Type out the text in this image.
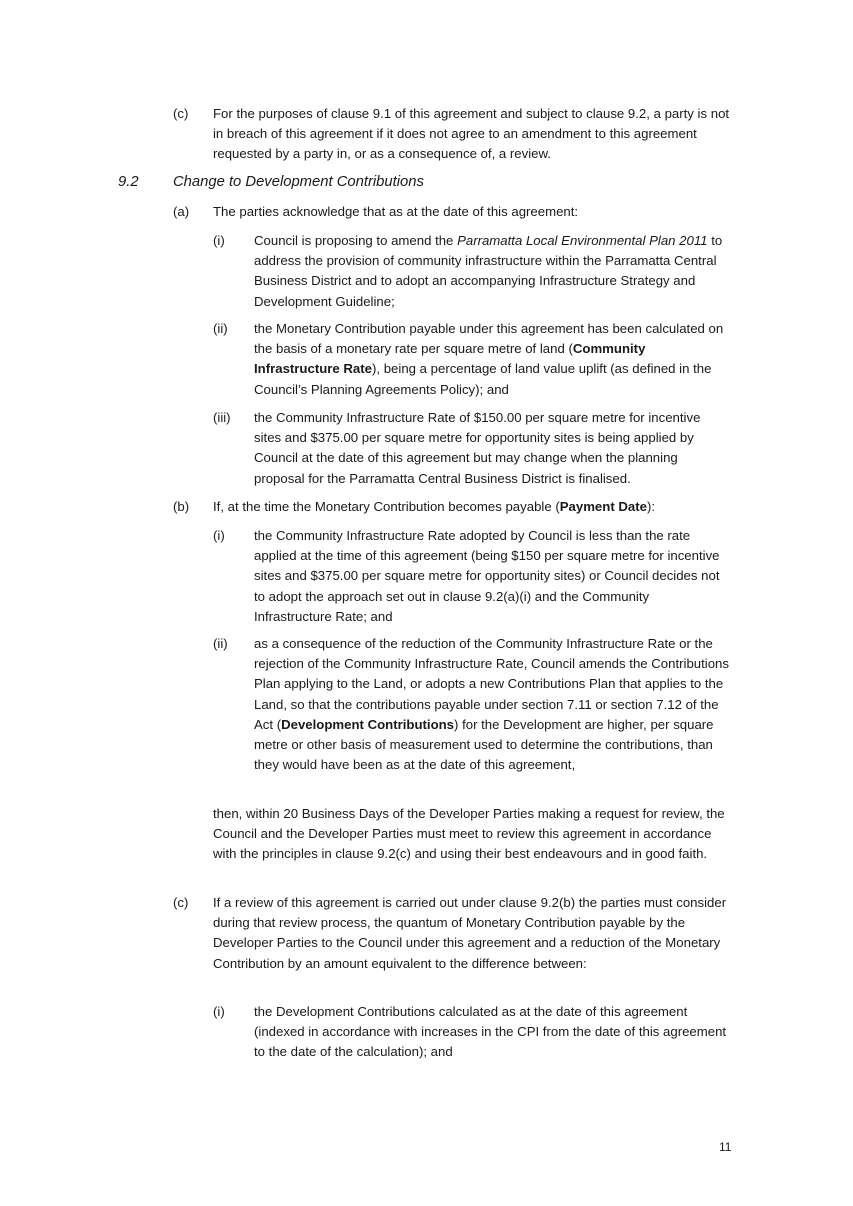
(c) For the purposes of clause 9.1 of this agreement and subject to clause 9.2, a party is not in breach of this agreement if it does not agree to an amendment to this agreement requested by a party in, or as a consequence of, a review.

9.2 Change to Development Contributions
(a) The parties acknowledge that as at the date of this agreement:

(i) Council is proposing to amend the Parramatta Local Environmental Plan 2011 to address the provision of community infrastructure within the Parramatta Central Business District and to adopt an accompanying Infrastructure Strategy and Development Guideline;

(ii) the Monetary Contribution payable under this agreement has been calculated on the basis of a monetary rate per square metre of land (Community Infrastructure Rate), being a percentage of land value uplift (as defined in the Council’s Planning Agreements Policy); and

(iii) the Community Infrastructure Rate of $150.00 per square metre for incentive sites and $375.00 per square metre for opportunity sites is being applied by Council at the date of this agreement but may change when the planning proposal for the Parramatta Central Business District is finalised.

(b) If, at the time the Monetary Contribution becomes payable (Payment Date):

(i) the Community Infrastructure Rate adopted by Council is less than the rate applied at the time of this agreement (being $150 per square metre for incentive sites and $375.00 per square metre for opportunity sites) or Council decides not to adopt the approach set out in clause 9.2(a)(i) and the Community Infrastructure Rate; and

(ii) as a consequence of the reduction of the Community Infrastructure Rate or the rejection of the Community Infrastructure Rate, Council amends the Contributions Plan applying to the Land, or adopts a new Contributions Plan that applies to the Land, so that the contributions payable under section 7.11 or section 7.12 of the Act (Development Contributions) for the Development are higher, per square metre or other basis of measurement used to determine the contributions, than they would have been as at the date of this agreement,

then, within 20 Business Days of the Developer Parties making a request for review, the Council and the Developer Parties must meet to review this agreement in accordance with the principles in clause 9.2(c) and using their best endeavours and in good faith.

(c) If a review of this agreement is carried out under clause 9.2(b) the parties must consider during that review process, the quantum of Monetary Contribution payable by the Developer Parties to the Council under this agreement and a reduction of the Monetary Contribution by an amount equivalent to the difference between:

(i) the Development Contributions calculated as at the date of this agreement (indexed in accordance with increases in the CPI from the date of this agreement to the date of the calculation); and

11
